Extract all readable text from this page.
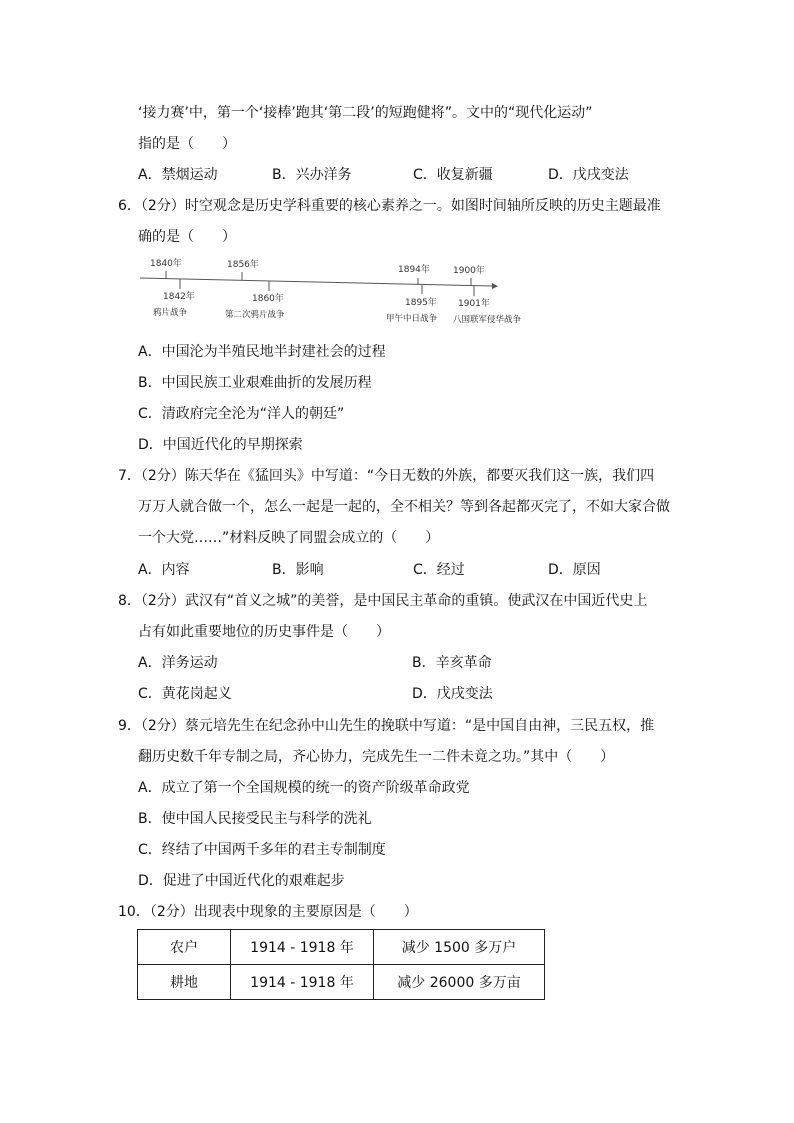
‘接力赛’中，第一个‘接棒’跑其‘第二段’的短跑健将”。文中的“现代化运动”
指的是（　　）
A．禁烟运动	B．兴办洋务	C．收复新疆	D．戊戌变法
6．（2分）时空观念是历史学科重要的核心素养之一。如图时间轴所反映的历史主题最准
确的是（　　）
1840年	1856年	1894年	1900年
1842年	1860年	1895年 1901年
鸦片战争	第二次鸦片战争	甲午中日战争 八国联军侵华战争
A．中国沦为半殖民地半封建社会的过程
B．中国民族工业艰难曲折的发展历程
C．清政府完全沦为“洋人的朝廷”
D．中国近代化的早期探索
7．（2分）陈天华在《猛回头》中写道：“今日无数的外族，都要灭我们这一族，我们四
万万人就合做一个，怎么一起是一起的，全不相关？等到各起都灭完了，不如大家合做
一个大党……”材料反映了同盟会成立的（　　）
A．内容	B．影响	C．经过	D．原因
8．（2分）武汉有“首义之城”的美誉，是中国民主革命的重镇。使武汉在中国近代史上
占有如此重要地位的历史事件是（　　）
A．洋务运动	B．辛亥革命
C．黄花岗起义	D．戊戌变法
9．（2分）蔡元培先生在纪念孙中山先生的挽联中写道：“是中国自由神，三民五权，推
翻历史数千年专制之局，齐心协力，完成先生一二件未竟之功。”其中（　　）
A．成立了第一个全国规模的统一的资产阶级革命政党
B．使中国人民接受民主与科学的洗礼
C．终结了中国两千多年的君主专制制度
D．促进了中国近代化的艰难起步
10．（2分）出现表中现象的主要原因是（　　）
农户	1914 - 1918 年	减少 1500 多万户
耕地	1914 - 1918 年	减少 26000 多万亩
